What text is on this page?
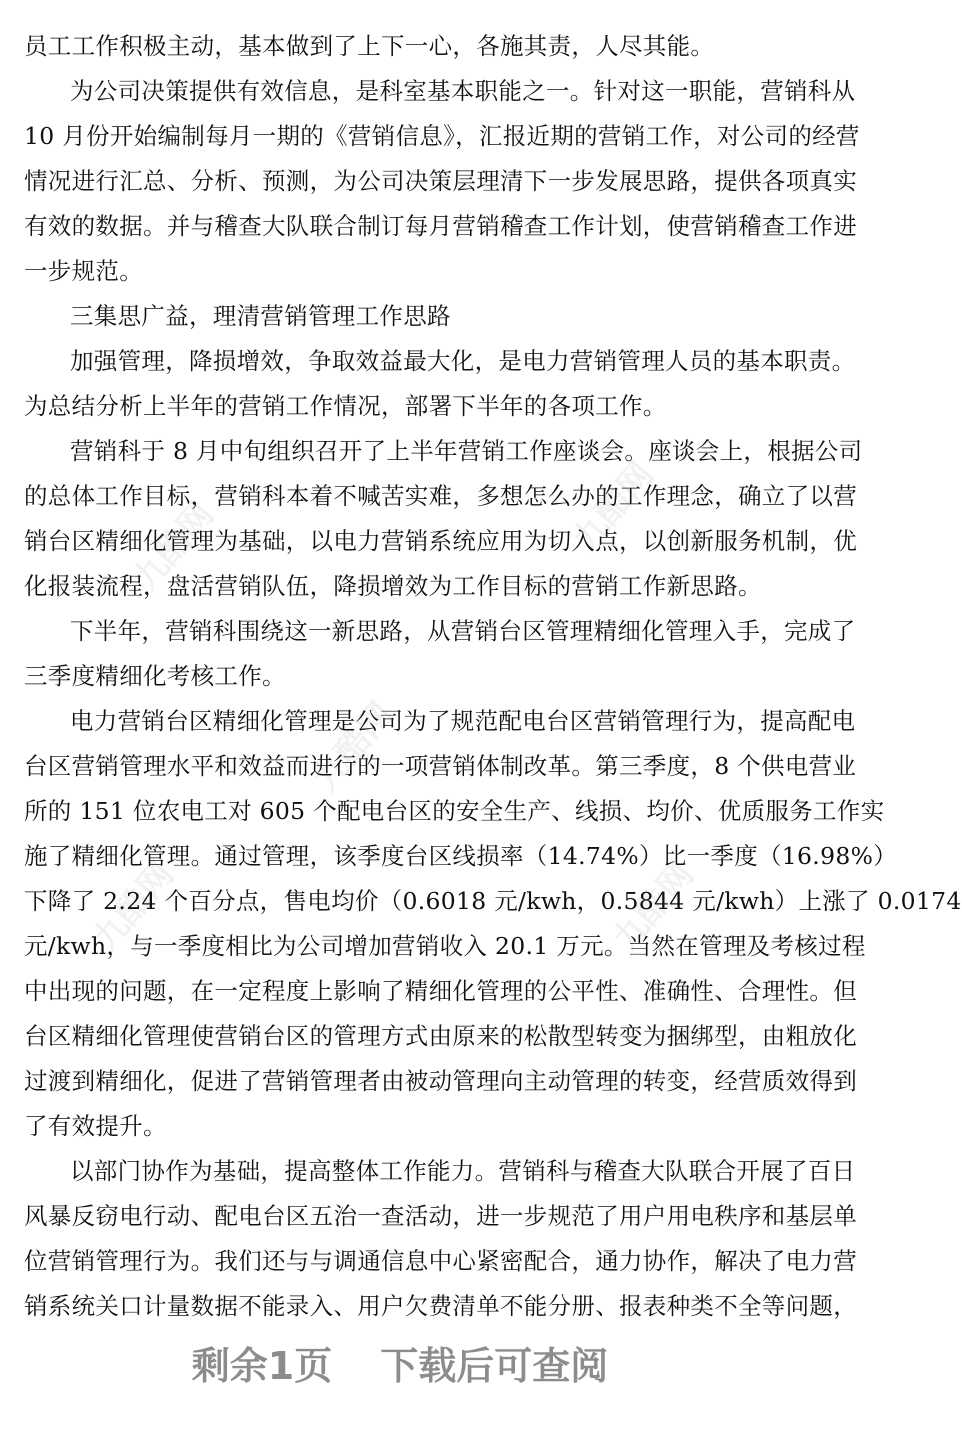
九酷网	九酷网
九酷网
九酷网	九酷网
员工工作积极主动，基本做到了上下一心，各施其责，人尽其能。
为公司决策提供有效信息，是科室基本职能之一。针对这一职能，营销科从
10 月份开始编制每月一期的《营销信息》，汇报近期的营销工作，对公司的经营
情况进行汇总、分析、预测，为公司决策层理清下一步发展思路，提供各项真实
有效的数据。并与稽查大队联合制订每月营销稽查工作计划，使营销稽查工作进
一步规范。
三集思广益，理清营销管理工作思路
加强管理，降损增效，争取效益最大化，是电力营销管理人员的基本职责。
为总结分析上半年的营销工作情况，部署下半年的各项工作。
营销科于 8 月中旬组织召开了上半年营销工作座谈会。座谈会上，根据公司
的总体工作目标，营销科本着不喊苦实难，多想怎么办的工作理念，确立了以营
销台区精细化管理为基础，以电力营销系统应用为切入点，以创新服务机制，优
化报装流程，盘活营销队伍，降损增效为工作目标的营销工作新思路。
下半年，营销科围绕这一新思路，从营销台区管理精细化管理入手，完成了
三季度精细化考核工作。
电力营销台区精细化管理是公司为了规范配电台区营销管理行为，提高配电
台区营销管理水平和效益而进行的一项营销体制改革。第三季度，8 个供电营业
所的 151 位农电工对 605 个配电台区的安全生产、线损、均价、优质服务工作实
施了精细化管理。通过管理，该季度台区线损率（14.74%）比一季度（16.98%）
下降了 2.24 个百分点，售电均价（0.6018 元/kwh，0.5844 元/kwh）上涨了 0.0174
元/kwh，与一季度相比为公司增加营销收入 20.1 万元。当然在管理及考核过程
中出现的问题，在一定程度上影响了精细化管理的公平性、准确性、合理性。但
台区精细化管理使营销台区的管理方式由原来的松散型转变为捆绑型，由粗放化
过渡到精细化，促进了营销管理者由被动管理向主动管理的转变，经营质效得到
了有效提升。
以部门协作为基础，提高整体工作能力。营销科与稽查大队联合开展了百日
风暴反窃电行动、配电台区五治一查活动，进一步规范了用户用电秩序和基层单
位营销管理行为。我们还与与调通信息中心紧密配合，通力协作，解决了电力营
销系统关口计量数据不能录入、用户欠费清单不能分册、报表种类不全等问题，
剩余1页 下载后可查阅
